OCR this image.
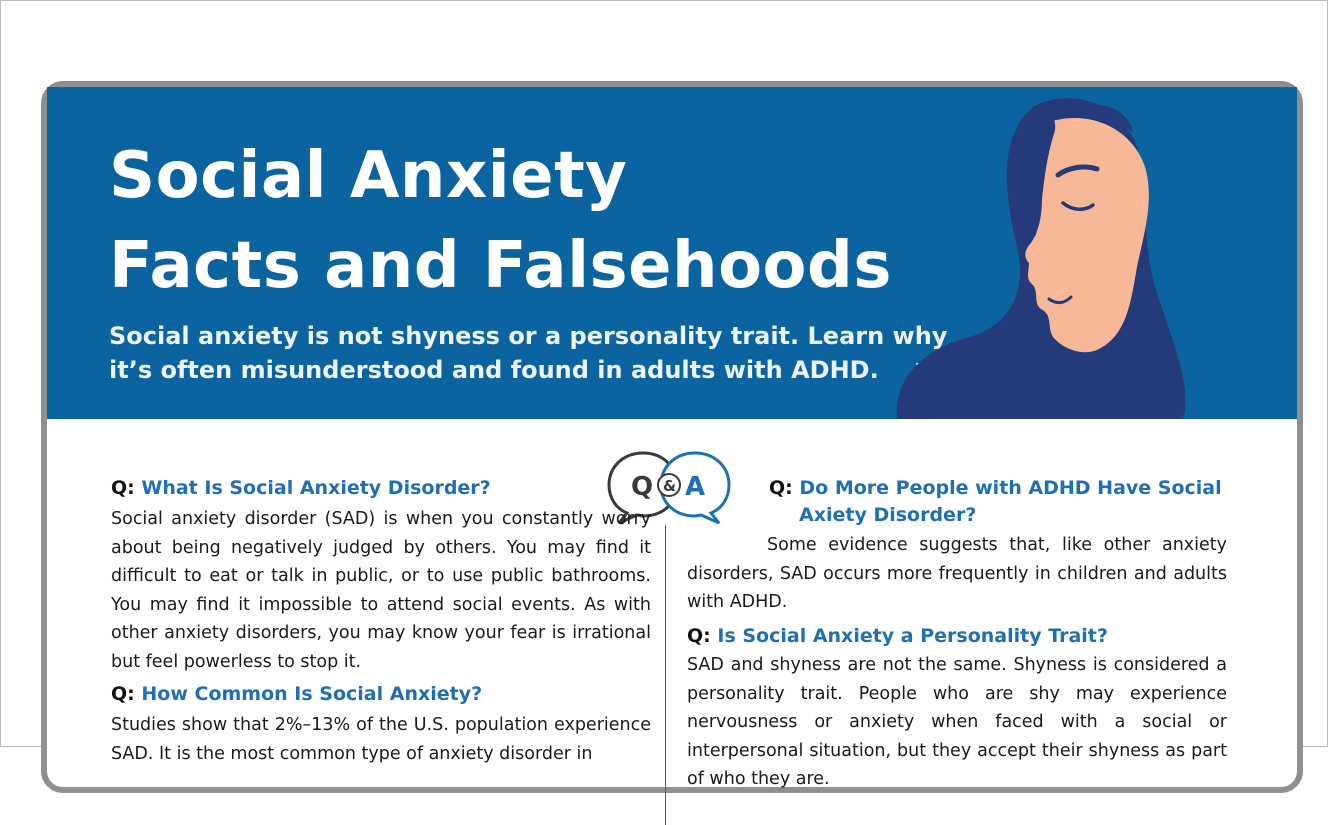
Social Anxiety
Facts and Falsehoods

Social anxiety is not shyness or a personality trait. Learn why it’s often misunderstood and found in adults with ADHD.

Q & A
Q: What Is Social Anxiety Disorder?

Social anxiety disorder (SAD) is when you constantly worry about being negatively judged by others. You may find it difficult to eat or talk in public, or to use public bathrooms. You may find it impossible to attend social events. As with other anxiety disorders, you may know your fear is irrational but feel powerless to stop it.

Q: How Common Is Social Anxiety?

Studies show that 2%–13% of the U.S. population experience SAD. It is the most common type of anxiety disorder in

Q: Do More People with ADHD Have Social Axiety Disorder?

Some evidence suggests that, like other anxiety disorders, SAD occurs more frequently in children and adults with ADHD.

Q: Is Social Anxiety a Personality Trait?

SAD and shyness are not the same. Shyness is considered a personality trait. People who are shy may experience nervousness or anxiety when faced with a social or interpersonal situation, but they accept their shyness as part of who they are.
